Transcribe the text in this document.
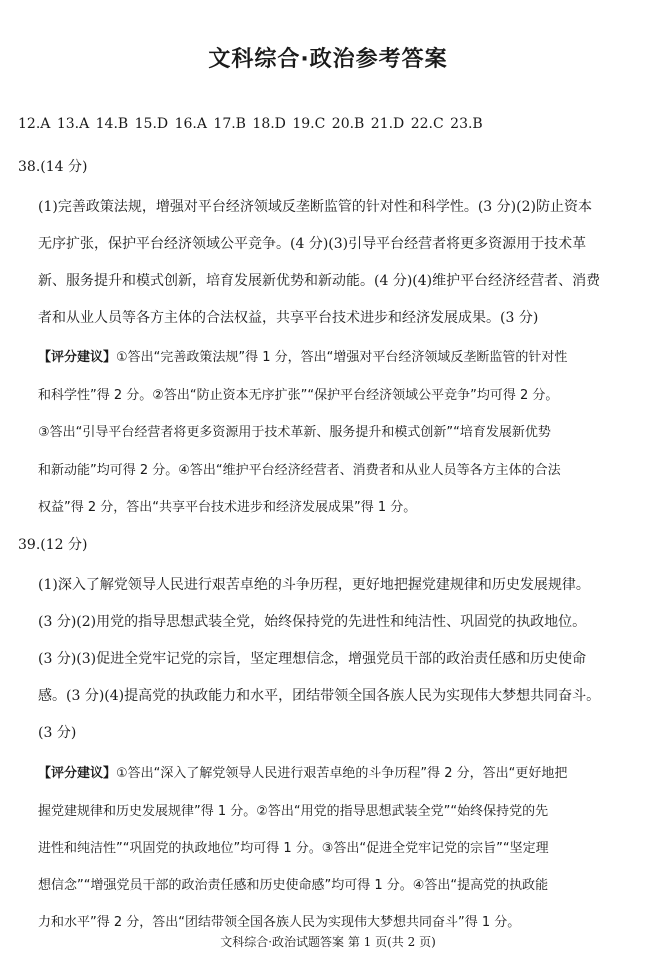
文科综合·政治参考答案
12.A 13.A 14.B 15.D 16.A 17.B 18.D 19.C 20.B 21.D 22.C 23.B
38.(14 分)
(1)完善政策法规，增强对平台经济领域反垄断监管的针对性和科学性。(3 分)(2)防止资本
无序扩张，保护平台经济领域公平竞争。(4 分)(3)引导平台经营者将更多资源用于技术革
新、服务提升和模式创新，培育发展新优势和新动能。(4 分)(4)维护平台经济经营者、消费
者和从业人员等各方主体的合法权益，共享平台技术进步和经济发展成果。(3 分)
【评分建议】①答出“完善政策法规”得 1 分，答出“增强对平台经济领域反垄断监管的针对性
和科学性”得 2 分。②答出“防止资本无序扩张”“保护平台经济领域公平竞争”均可得 2 分。
③答出“引导平台经营者将更多资源用于技术革新、服务提升和模式创新”“培育发展新优势
和新动能”均可得 2 分。④答出“维护平台经济经营者、消费者和从业人员等各方主体的合法
权益”得 2 分，答出“共享平台技术进步和经济发展成果”得 1 分。
39.(12 分)
(1)深入了解党领导人民进行艰苦卓绝的斗争历程，更好地把握党建规律和历史发展规律。
(3 分)(2)用党的指导思想武装全党，始终保持党的先进性和纯洁性、巩固党的执政地位。
(3 分)(3)促进全党牢记党的宗旨，坚定理想信念，增强党员干部的政治责任感和历史使命
感。(3 分)(4)提高党的执政能力和水平，团结带领全国各族人民为实现伟大梦想共同奋斗。
(3 分)
【评分建议】①答出“深入了解党领导人民进行艰苦卓绝的斗争历程”得 2 分，答出“更好地把
握党建规律和历史发展规律”得 1 分。②答出“用党的指导思想武装全党”“始终保持党的先
进性和纯洁性”“巩固党的执政地位”均可得 1 分。③答出“促进全党牢记党的宗旨”“坚定理
想信念”“增强党员干部的政治责任感和历史使命感”均可得 1 分。④答出“提高党的执政能
力和水平”得 2 分，答出“团结带领全国各族人民为实现伟大梦想共同奋斗”得 1 分。
文科综合·政治试题答案 第 1 页(共 2 页)
